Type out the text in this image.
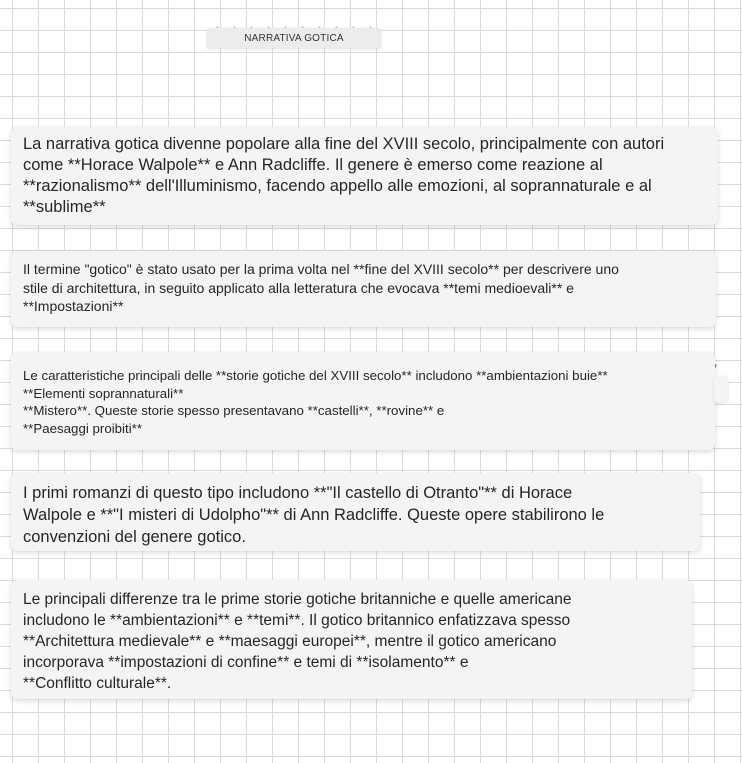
NARRATIVA GOTICA
La narrativa gotica divenne popolare alla fine del XVIII secolo, principalmente con autori
come **Horace Walpole** e Ann Radcliffe. Il genere è emerso come reazione al
**razionalismo** dell'Illuminismo, facendo appello alle emozioni, al soprannaturale e al
**sublime**
Il termine "gotico" è stato usato per la prima volta nel **fine del XVIII secolo** per descrivere uno
stile di architettura, in seguito applicato alla letteratura che evocava **temi medioevali** e
**Impostazioni**
Le caratteristiche principali delle **storie gotiche del XVIII secolo** includono **ambientazioni buie**
**Elementi soprannaturali**
**Mistero**. Queste storie spesso presentavano **castelli**, **rovine** e
**Paesaggi proibiti**
I primi romanzi di questo tipo includono **"Il castello di Otranto"** di Horace
Walpole e **"I misteri di Udolpho"** di Ann Radcliffe. Queste opere stabilirono le
convenzioni del genere gotico.
Le principali differenze tra le prime storie gotiche britanniche e quelle americane
includono le **ambientazioni** e **temi**. Il gotico britannico enfatizzava spesso
**Architettura medievale** e **maesaggi europei**, mentre il gotico americano
incorporava **impostazioni di confine** e temi di **isolamento** e
**Conflitto culturale**.
’
